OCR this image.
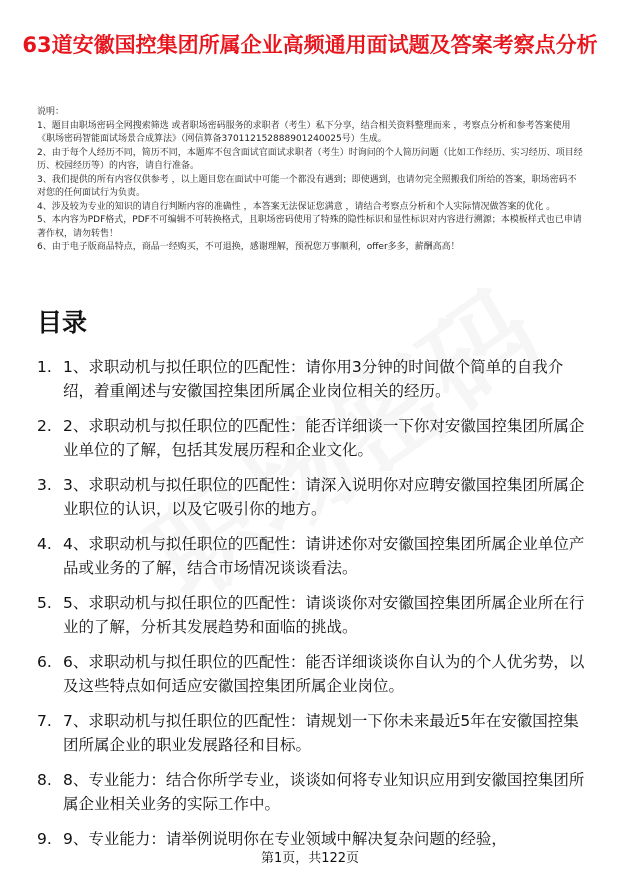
63道安徽国控集团所属企业高频通用面试题及答案考察点分析

说明：

1、题目由职场密码全网搜索筛选 或者职场密码服务的求职者（考生）私下分享，结合相关资料整理而来 ，考察点分析和参考答案使用《职场密码智能面试场景合成算法》（网信算备370112152888901240025号）生成。

2、由于每个人经历不同，简历不同，本题库不包含面试官面试求职者（考生）时询问的个人简历问题（比如工作经历、实习经历、项目经历、校园经历等）的内容，请自行准备。

3、我们提供的所有内容仅供参考 ，以上题目您在面试中可能一个都没有遇到；即使遇到，也请勿完全照搬我们所给的答案，职场密码不对您的任何面试行为负责。

4、涉及较为专业的知识的请自行判断内容的准确性 ，本答案无法保证您满意 ，请结合考察点分析和个人实际情况做答案的优化 。

5、本内容为PDF格式，PDF不可编辑不可转换格式，且职场密码使用了特殊的隐性标识和显性标识对内容进行溯源；本模板样式也已申请著作权，请勿转售！

6、由于电子版商品特点，商品一经购买，不可退换，感谢理解，预祝您万事顺利，offer多多，薪酬高高！

目录
1. 1、求职动机与拟任职位的匹配性：请你用3分钟的时间做个简单的自我介绍，着重阐述与安徽国控集团所属企业岗位相关的经历。
2. 2、求职动机与拟任职位的匹配性：能否详细谈一下你对安徽国控集团所属企业单位的了解，包括其发展历程和企业文化。
3. 3、求职动机与拟任职位的匹配性：请深入说明你对应聘安徽国控集团所属企业职位的认识，以及它吸引你的地方。
4. 4、求职动机与拟任职位的匹配性：请讲述你对安徽国控集团所属企业单位产品或业务的了解，结合市场情况谈谈看法。
5. 5、求职动机与拟任职位的匹配性：请谈谈你对安徽国控集团所属企业所在行业的了解，分析其发展趋势和面临的挑战。
6. 6、求职动机与拟任职位的匹配性：能否详细谈谈你自认为的个人优劣势，以及这些特点如何适应安徽国控集团所属企业岗位。
7. 7、求职动机与拟任职位的匹配性：请规划一下你未来最近5年在安徽国控集团所属企业的职业发展路径和目标。
8. 8、专业能力：结合你所学专业，谈谈如何将专业知识应用到安徽国控集团所属企业相关业务的实际工作中。
9. 9、专业能力：请举例说明你在专业领域中解决复杂问题的经验，
第1页，共122页
